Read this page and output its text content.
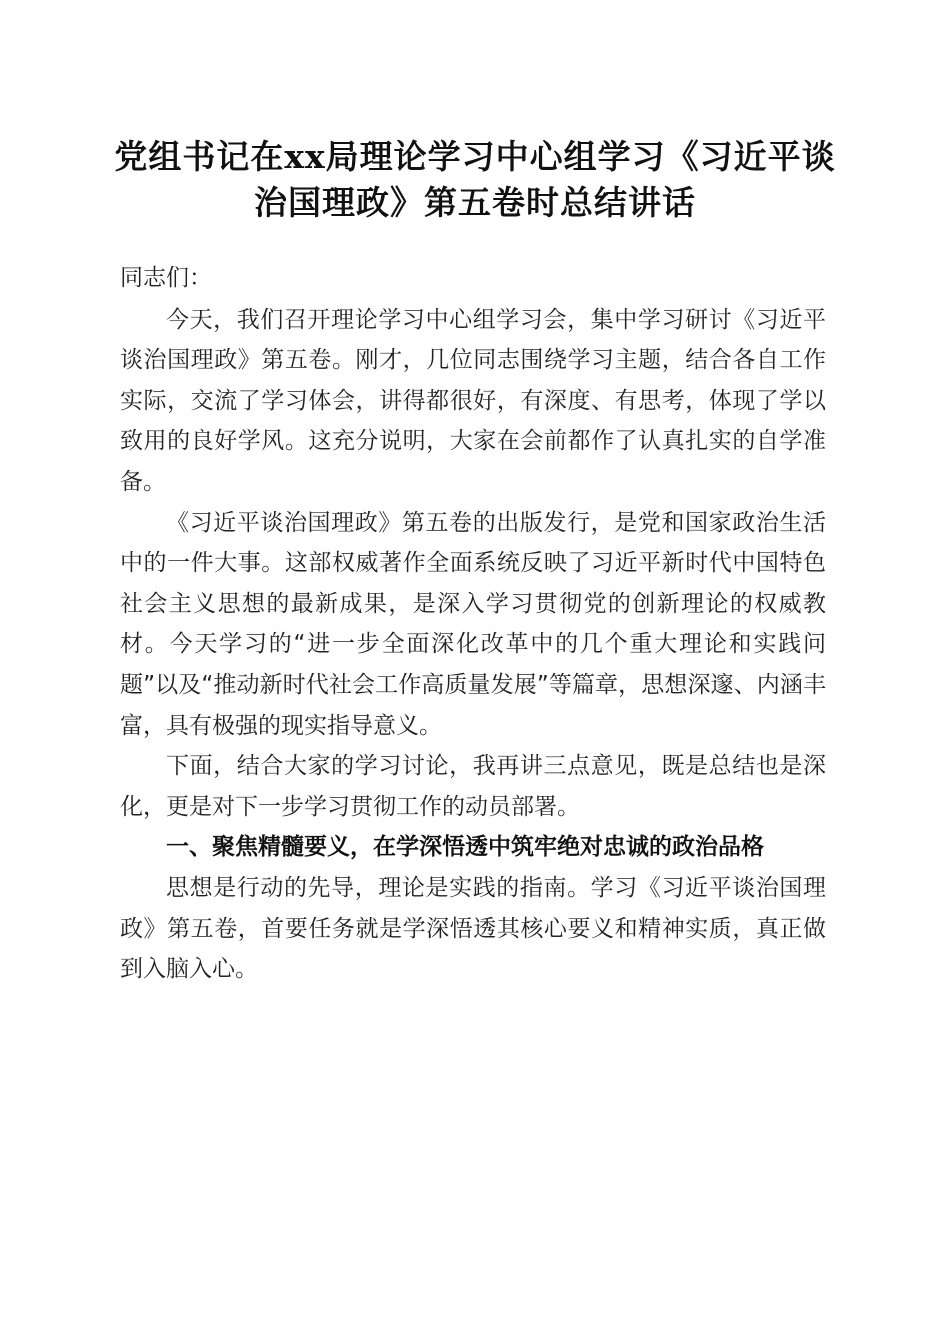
党组书记在xx局理论学习中心组学习《习近平谈治国理政》第五卷时总结讲话

同志们：

今天，我们召开理论学习中心组学习会，集中学习研讨《习近平谈治国理政》第五卷。刚才，几位同志围绕学习主题，结合各自工作实际，交流了学习体会，讲得都很好，有深度、有思考，体现了学以致用的良好学风。这充分说明，大家在会前都作了认真扎实的自学准备。

《习近平谈治国理政》第五卷的出版发行，是党和国家政治生活中的一件大事。这部权威著作全面系统反映了习近平新时代中国特色社会主义思想的最新成果，是深入学习贯彻党的创新理论的权威教材。今天学习的“进一步全面深化改革中的几个重大理论和实践问题”以及“推动新时代社会工作高质量发展”等篇章，思想深邃、内涵丰富，具有极强的现实指导意义。

下面，结合大家的学习讨论，我再讲三点意见，既是总结也是深化，更是对下一步学习贯彻工作的动员部署。

一、聚焦精髓要义，在学深悟透中筑牢绝对忠诚的政治品格

思想是行动的先导，理论是实践的指南。学习《习近平谈治国理政》第五卷，首要任务就是学深悟透其核心要义和精神实质，真正做到入脑入心。
